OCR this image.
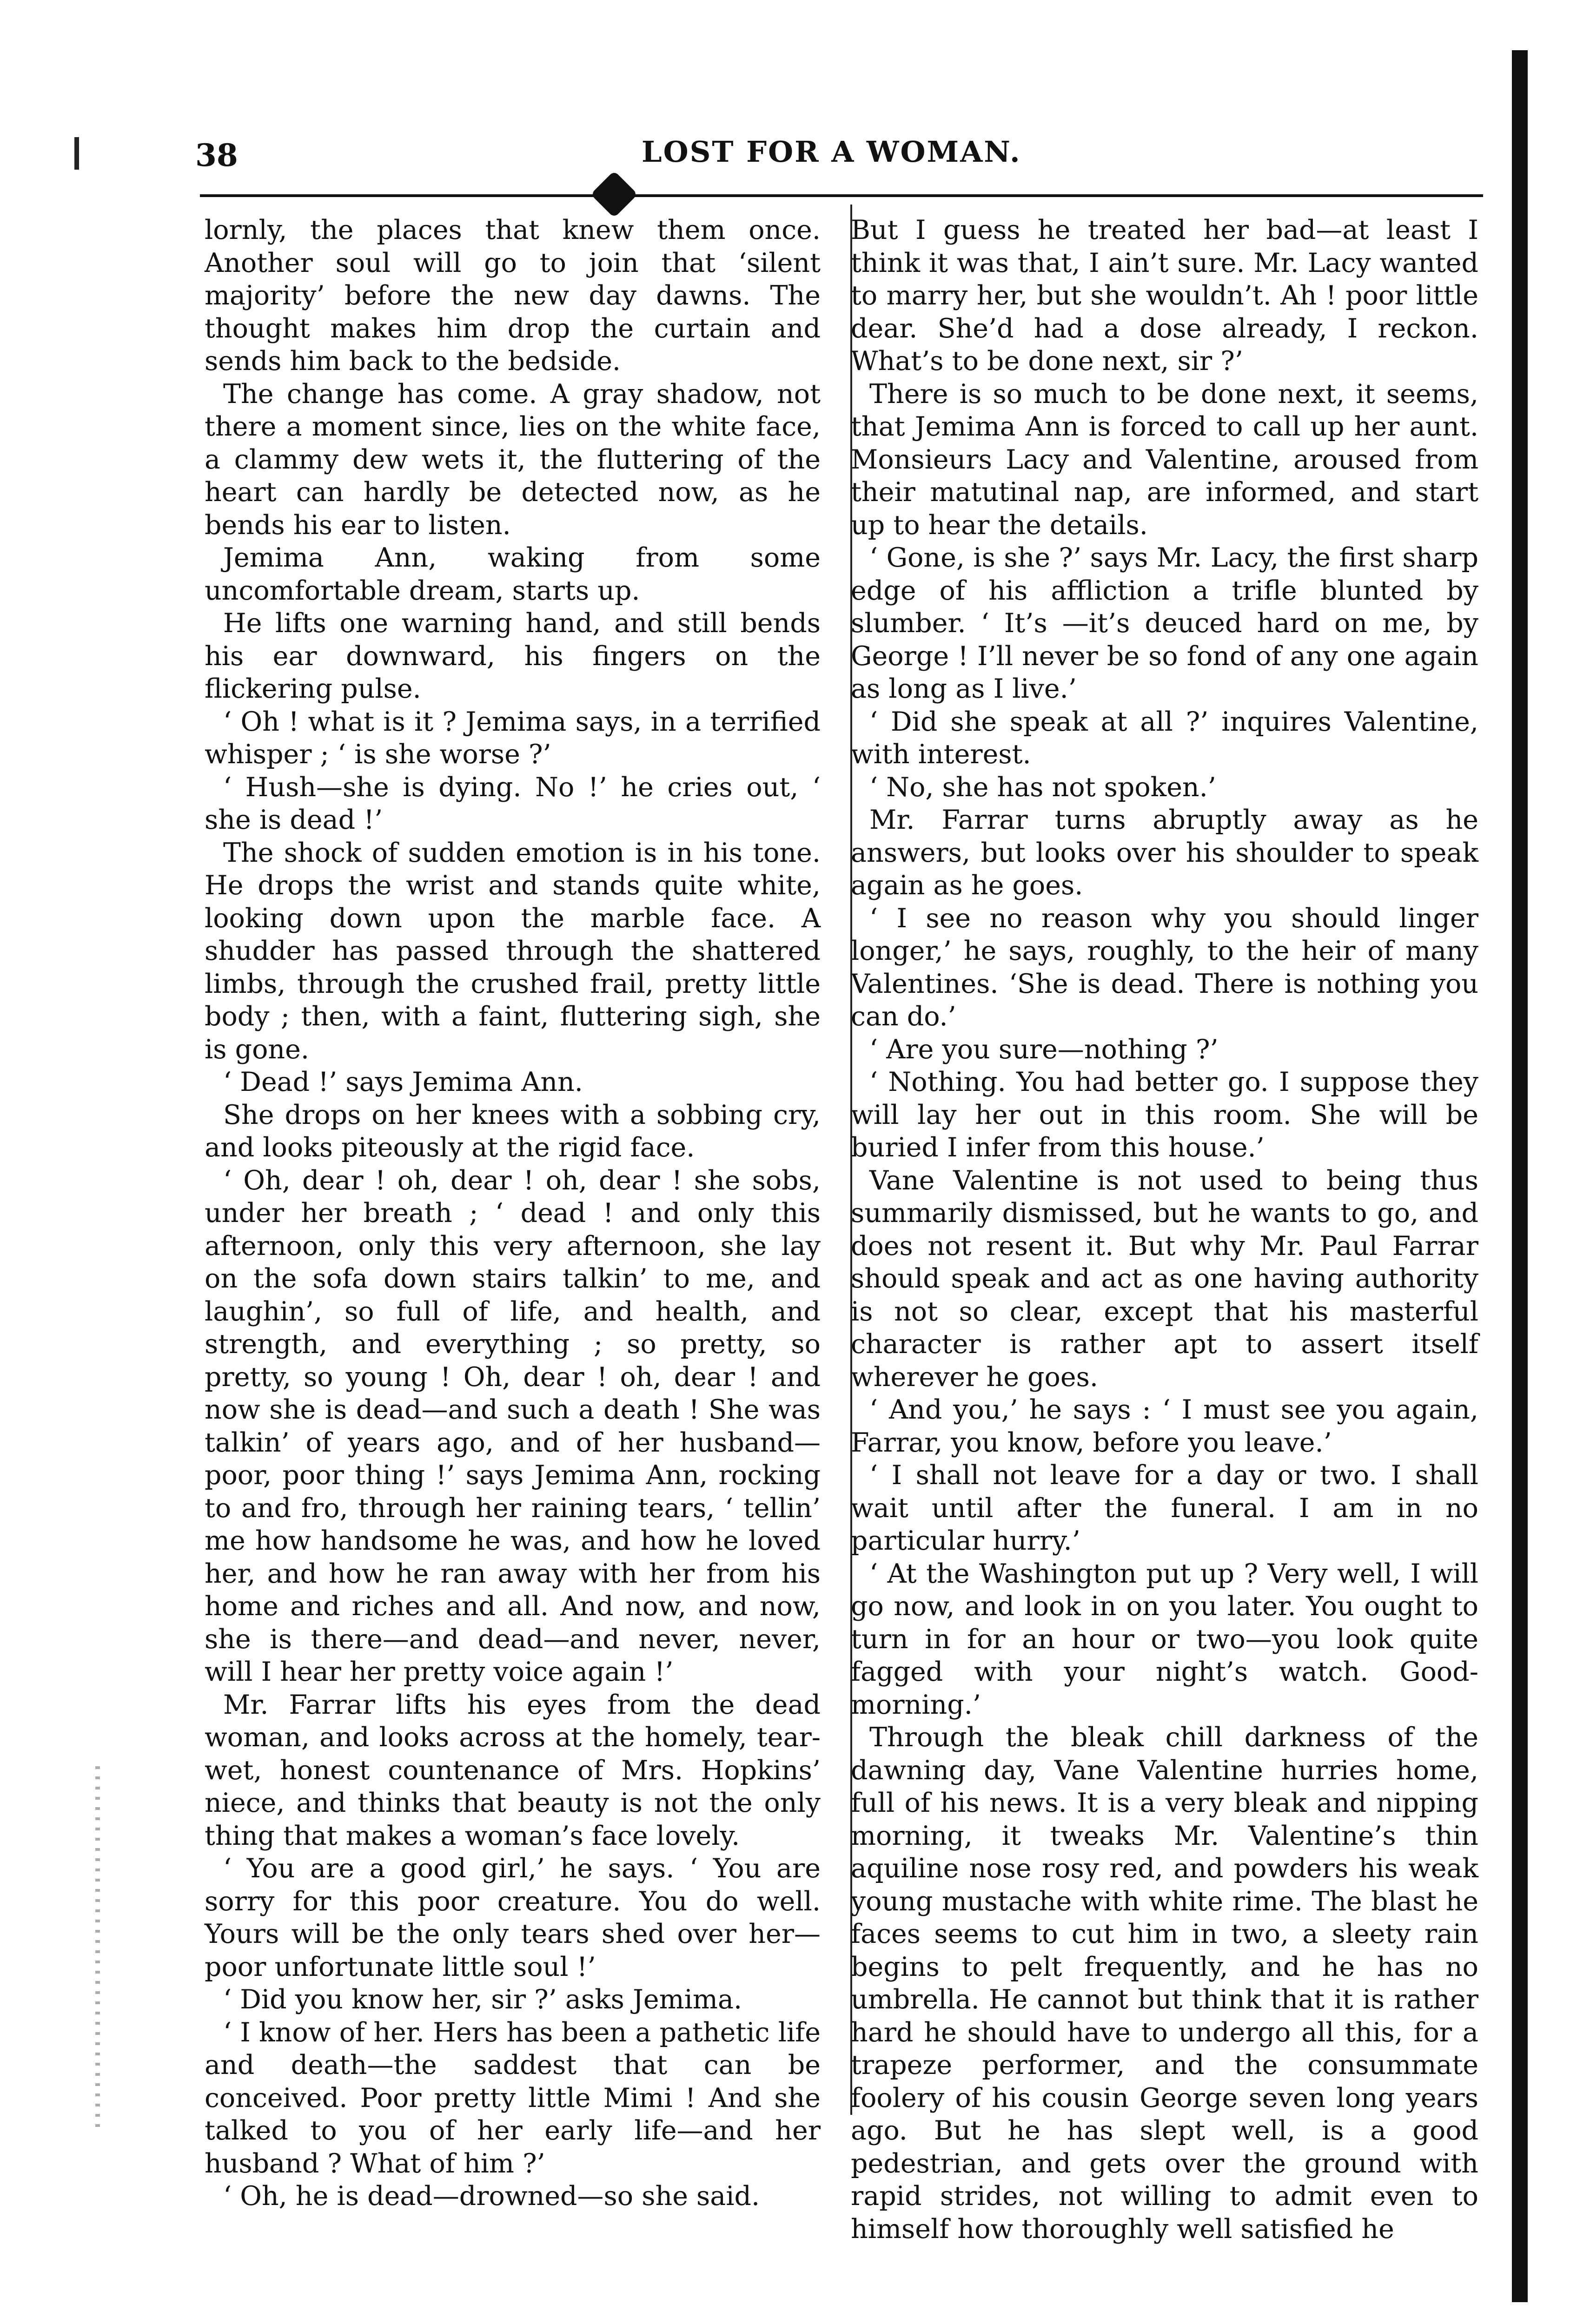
38	LOST FOR A WOMAN.

lornly, the places that knew them once. Another soul will go to join that ‘silent majority’ before the new day dawns. The thought makes him drop the curtain and sends him back to the bedside.

The change has come. A gray shadow, not there a moment since, lies on the white face, a clammy dew wets it, the fluttering of the heart can hardly be detected now, as he bends his ear to listen.

Jemima Ann, waking from some uncomfortable dream, starts up.

He lifts one warning hand, and still bends his ear downward, his fingers on the flickering pulse.

‘ Oh ! what is it ? Jemima says, in a terrified whisper ; ‘ is she worse ?’

‘ Hush—she is dying. No !’ he cries out, ‘ she is dead !’

The shock of sudden emotion is in his tone. He drops the wrist and stands quite white, looking down upon the marble face. A shudder has passed through the shattered limbs, through the crushed frail, pretty little body ; then, with a faint, fluttering sigh, she is gone.

‘ Dead !’ says Jemima Ann.

She drops on her knees with a sobbing cry, and looks piteously at the rigid face.

‘ Oh, dear ! oh, dear ! oh, dear ! she sobs, under her breath ; ‘ dead ! and only this afternoon, only this very afternoon, she lay on the sofa down stairs talkin’ to me, and laughin’, so full of life, and health, and strength, and everything ; so pretty, so pretty, so young ! Oh, dear ! oh, dear ! and now she is dead—and such a death ! She was talkin’ of years ago, and of her husband—poor, poor thing !’ says Jemima Ann, rocking to and fro, through her raining tears, ‘ tellin’ me how handsome he was, and how he loved her, and how he ran away with her from his home and riches and all. And now, and now, she is there—and dead—and never, never, will I hear her pretty voice again !’

Mr. Farrar lifts his eyes from the dead woman, and looks across at the homely, tear-wet, honest countenance of Mrs. Hopkins’ niece, and thinks that beauty is not the only thing that makes a woman’s face lovely.

‘ You are a good girl,’ he says. ‘ You are sorry for this poor creature. You do well. Yours will be the only tears shed over her—poor unfortunate little soul !’

‘ Did you know her, sir ?’ asks Jemima.

‘ I know of her. Hers has been a pathetic life and death—the saddest that can be conceived. Poor pretty little Mimi ! And she talked to you of her early life—and her husband ? What of him ?’

‘ Oh, he is dead—drowned—so she said.

But I guess he treated her bad—at least I think it was that, I ain’t sure. Mr. Lacy wanted to marry her, but she wouldn’t. Ah ! poor little dear. She’d had a dose already, I reckon. What’s to be done next, sir ?’

There is so much to be done next, it seems, that Jemima Ann is forced to call up her aunt. Monsieurs Lacy and Valentine, aroused from their matutinal nap, are informed, and start up to hear the details.

‘ Gone, is she ?’ says Mr. Lacy, the first sharp edge of his affliction a trifle blunted by slumber. ‘ It’s —it’s deuced hard on me, by George ! I’ll never be so fond of any one again as long as I live.’

‘ Did she speak at all ?’ inquires Valentine, with interest.

‘ No, she has not spoken.’

Mr. Farrar turns abruptly away as he answers, but looks over his shoulder to speak again as he goes.

‘ I see no reason why you should linger longer,’ he says, roughly, to the heir of many Valentines. ‘She is dead. There is nothing you can do.’

‘ Are you sure—nothing ?’

‘ Nothing. You had better go. I suppose they will lay her out in this room. She will be buried I infer from this house.’

Vane Valentine is not used to being thus summarily dismissed, but he wants to go, and does not resent it. But why Mr. Paul Farrar should speak and act as one having authority is not so clear, except that his masterful character is rather apt to assert itself wherever he goes.

‘ And you,’ he says : ‘ I must see you again, Farrar, you know, before you leave.’

‘ I shall not leave for a day or two. I shall wait until after the funeral. I am in no particular hurry.’

‘ At the Washington put up ? Very well, I will go now, and look in on you later. You ought to turn in for an hour or two—you look quite fagged with your night’s watch. Good-morning.’

Through the bleak chill darkness of the dawning day, Vane Valentine hurries home, full of his news. It is a very bleak and nipping morning, it tweaks Mr. Valentine’s thin aquiline nose rosy red, and powders his weak young mustache with white rime. The blast he faces seems to cut him in two, a sleety rain begins to pelt frequently, and he has no umbrella. He cannot but think that it is rather hard he should have to undergo all this, for a trapeze performer, and the consummate foolery of his cousin George seven long years ago. But he has slept well, is a good pedestrian, and gets over the ground with rapid strides, not willing to admit even to himself how thoroughly well satisfied he
